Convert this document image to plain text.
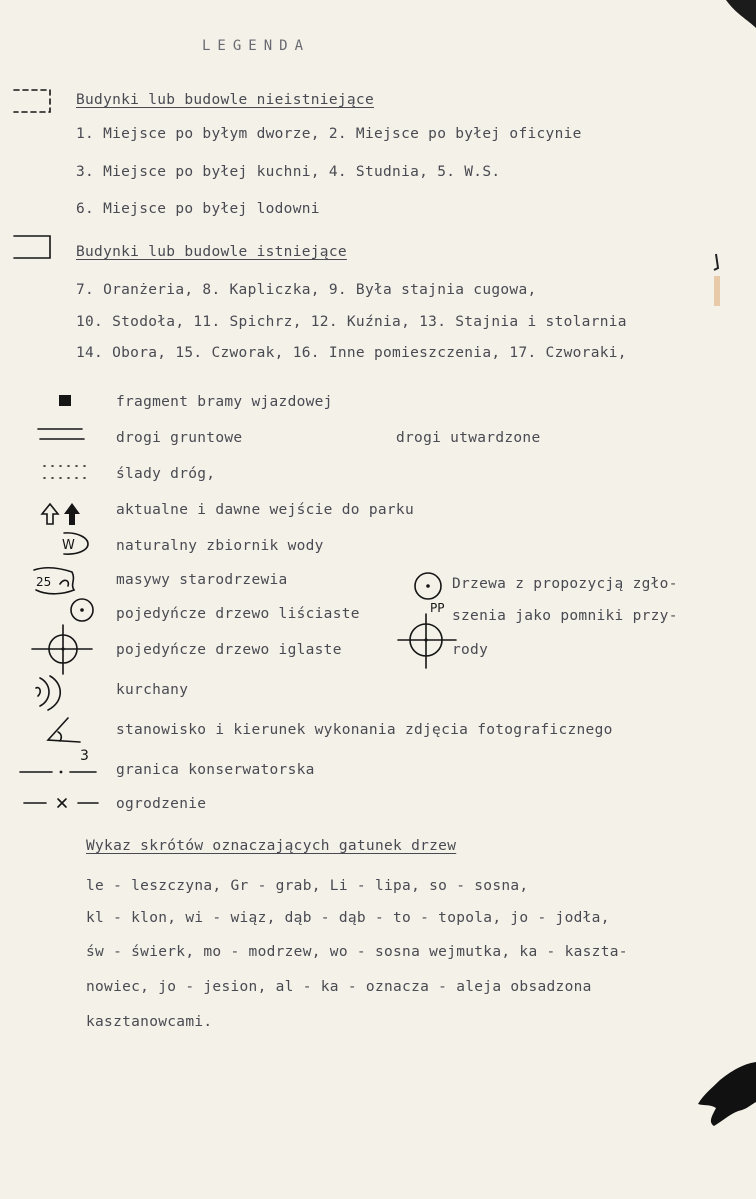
LEGENDA
Budynki lub budowle nieistniejące
1. Miejsce po byłym dworze, 2. Miejsce po byłej oficynie
3. Miejsce po byłej kuchni, 4. Studnia, 5. W.S.
6. Miejsce po byłej lodowni
Budynki lub budowle istniejące
7. Oranżeria, 8. Kapliczka, 9. Była stajnia cugowa,
10. Stodoła, 11. Spichrz, 12. Kuźnia, 13. Stajnia i stolarnia
14. Obora, 15. Czworak, 16. Inne pomieszczenia, 17. Czworaki,
fragment bramy wjazdowej
drogi gruntowe	drogi utwardzone
ślady dróg,
aktualne i dawne wejście do parku
W	naturalny zbiornik wody
25	masywy starodrzewia
pojedyńcze drzewo liściaste
pojedyńcze drzewo iglaste
kurchany
3
stanowisko i kierunek wykonania zdjęcia fotograficznego
granica konserwatorska
ogrodzenie
PP
Drzewa z propozycją zgło-
szenia jako pomniki przy-
rody
Wykaz skrótów oznaczających gatunek drzew
le - leszczyna, Gr - grab, Li - lipa, so - sosna,
kl - klon, wi - wiąz, dąb - dąb - to - topola, jo - jodła,
św - świerk, mo - modrzew, wo - sosna wejmutka, ka - kaszta-
nowiec, jo - jesion, al - ka - oznacza - aleja obsadzona
kasztanowcami.
